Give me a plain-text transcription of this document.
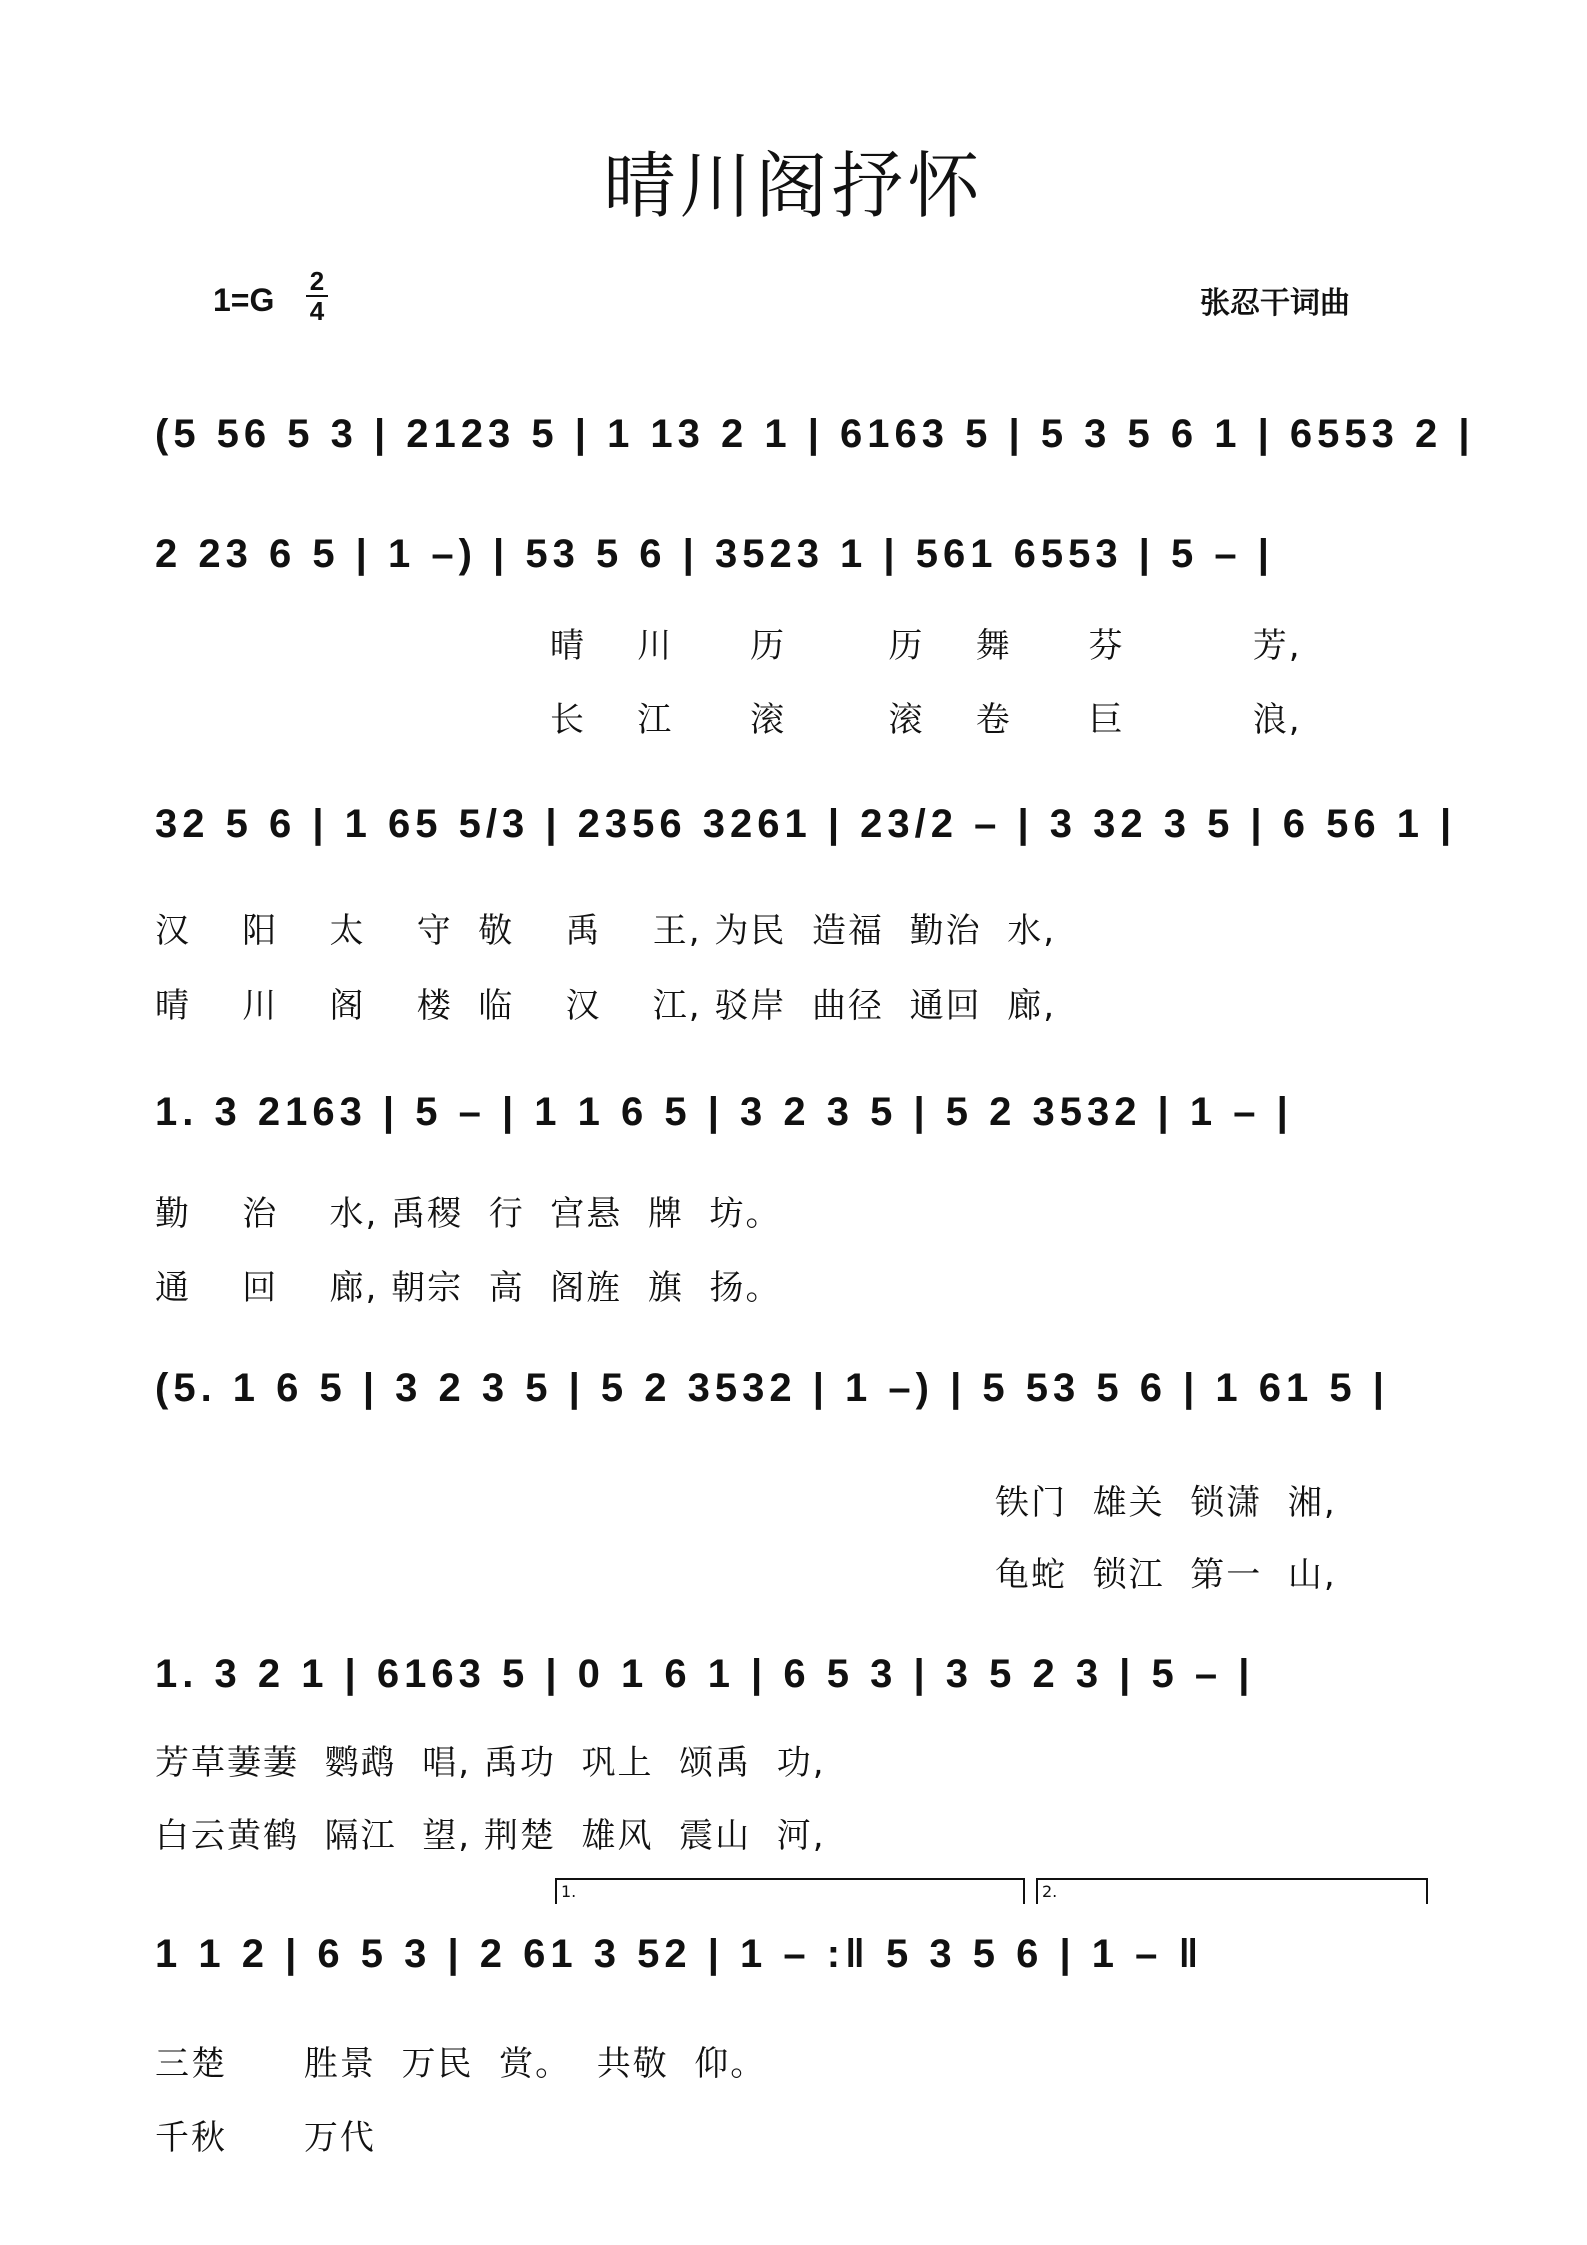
晴川阁抒怀
1=G
2
4	张忍干词曲
(5 56 5 3 | 2123 5 | 1 13 2 1 | 6163 5 | 5 3 5 6 1 | 6553 2 |
2 23 6 5 | 1 –) | 53 5 6 | 3523 1 | 561 6553 | 5 – |
晴    川      历        历    舞      芬          芳,
长    江      滚        滚    卷      巨          浪,
32 5 6 | 1 65 5/3 | 2356 3261 | 23/2 – | 3 32 3 5 | 6 56 1 |
汉    阳    太    守  敬    禹    王, 为民  造福  勤治  水,
晴    川    阁    楼  临    汉    江, 驳岸  曲径  通回  廊,
1. 3 2163 | 5 – | 1 1 6 5 | 3 2 3 5 | 5 2 3532 | 1 – |
勤    治    水, 禹稷  行  宫悬  牌  坊。
通    回    廊, 朝宗  高  阁旌  旗  扬。
(5. 1 6 5 | 3 2 3 5 | 5 2 3532 | 1 –) | 5 53 5 6 | 1 61 5 |
铁门  雄关  锁潇  湘,
龟蛇  锁江  第一  山,
1. 3 2 1 | 6163 5 | 0 1 6 1 | 6 5 3 | 3 5 2 3 | 5 – |
芳草萋萋  鹦鹉  唱, 禹功  巩上  颂禹  功,
白云黄鹤  隔江  望, 荆楚  雄风  震山  河,
1.	2.
1 1 2 | 6 5 3 | 2 61 3 52 | 1 – :‖ 5 3 5 6 | 1 – ‖
三楚      胜景  万民  赏。  共敬  仰。
千秋      万代
